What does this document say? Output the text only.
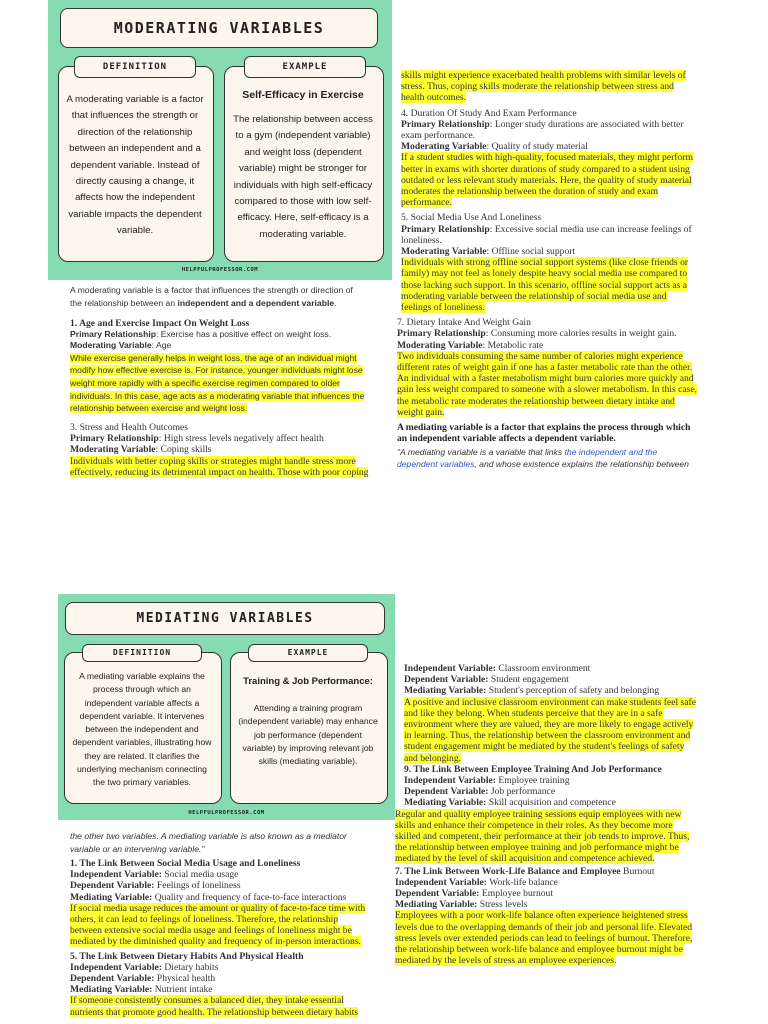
MODERATING VARIABLES
DEFINITION
A moderating variable is a factor that influences the strength or direction of the relationship between an independent and a dependent variable. Instead of directly causing a change, it affects how the independent variable impacts the dependent variable.
EXAMPLE
Self-Efficacy in Exercise
The relationship between access to a gym (independent variable) and weight loss (dependent variable) might be stronger for individuals with high self-efficacy compared to those with low self-efficacy. Here, self-efficacy is a moderating variable.
HELPFULPROFESSOR.COM
A moderating variable is a factor that influences the strength or direction of
the relationship between an independent and a dependent variable.
1. Age and Exercise Impact On Weight Loss
Primary Relationship: Exercise has a positive effect on weight loss.
Moderating Variable: Age
While exercise generally helps in weight loss, the age of an individual might modify how effective exercise is. For instance, younger individuals might lose weight more rapidly with a specific exercise regimen compared to older individuals. In this case, age acts as a moderating variable that influences the relationship between exercise and weight loss.
3. Stress and Health Outcomes
Primary Relationship: High stress levels negatively affect health
Moderating Variable: Coping skills
Individuals with better coping skills or strategies might handle stress more effectively, reducing its detrimental impact on health. Those with poor coping
skills might experience exacerbated health problems with similar levels of stress. Thus, coping skills moderate the relationship between stress and health outcomes.
4. Duration Of Study And Exam Performance
Primary Relationship: Longer study durations are associated with better exam performance.
Moderating Variable: Quality of study material
If a student studies with high-quality, focused materials, they might perform better in exams with shorter durations of study compared to a student using outdated or less relevant study materials. Here, the quality of study material moderates the relationship between the duration of study and exam performance.
5. Social Media Use And Loneliness
Primary Relationship: Excessive social media use can increase feelings of loneliness.
Moderating Variable: Offline social support
Individuals with strong offline social support systems (like close friends or family) may not feel as lonely despite heavy social media use compared to those lacking such support. In this scenario, offline social support acts as a moderating variable between the relationship of social media use and feelings of loneliness.
7. Dietary Intake And Weight Gain
Primary Relationship: Consuming more calories results in weight gain.
Moderating Variable: Metabolic rate
Two individuals consuming the same number of calories might experience different rates of weight gain if one has a faster metabolic rate than the other. An individual with a faster metabolism might burn calories more quickly and gain less weight compared to someone with a slower metabolism. In this case, the metabolic rate moderates the relationship between dietary intake and weight gain.
A mediating variable is a factor that explains the process through which an independent variable affects a dependent variable.
"A mediating variable is a variable that links the independent and the dependent variables, and whose existence explains the relationship between
MEDIATING VARIABLES
DEFINITION
A mediating variable explains the process through which an independent variable affects a dependent variable. It intervenes between the independent and dependent variables, illustrating how they are related. It clarifies the underlying mechanism connecting the two primary variables.
EXAMPLE
Training & Job Performance:
Attending a training program (independent variable) may enhance job performance (dependent variable) by improving relevant job skills (mediating variable).
HELPFULPROFESSOR.COM
the other two variables. A mediating variable is also known as a mediator variable or an intervening variable."
1. The Link Between Social Media Usage and Loneliness
Independent Variable: Social media usage
Dependent Variable: Feelings of loneliness
Mediating Variable: Quality and frequency of face-to-face interactions
If social media usage reduces the amount or quality of face-to-face time with others, it can lead to feelings of loneliness. Therefore, the relationship between extensive social media usage and feelings of loneliness might be mediated by the diminished quality and frequency of in-person interactions.
5. The Link Between Dietary Habits And Physical Health
Independent Variable: Dietary habits
Dependent Variable: Physical health
Mediating Variable: Nutrient intake
If someone consistently consumes a balanced diet, they intake essential nutrients that promote good health. The relationship between dietary habits
Independent Variable: Classroom environment
Dependent Variable: Student engagement
Mediating Variable: Student's perception of safety and belonging
A positive and inclusive classroom environment can make students feel safe and like they belong. When students perceive that they are in a safe environment where they are valued, they are more likely to engage actively in learning. Thus, the relationship between the classroom environment and student engagement might be mediated by the student's feelings of safety and belonging.
9. The Link Between Employee Training And Job Performance
Independent Variable: Employee training
Dependent Variable: Job performance
Mediating Variable: Skill acquisition and competence
Regular and quality employee training sessions equip employees with new skills and enhance their competence in their roles. As they become more skilled and competent, their performance at their job tends to improve. Thus, the relationship between employee training and job performance might be mediated by the level of skill acquisition and competence achieved.
7. The Link Between Work-Life Balance and Employee Burnout
Independent Variable: Work-life balance
Dependent Variable: Employee burnout
Mediating Variable: Stress levels
Employees with a poor work-life balance often experience heightened stress levels due to the overlapping demands of their job and personal life. Elevated stress levels over extended periods can lead to feelings of burnout. Therefore, the relationship between work-life balance and employee burnout might be mediated by the levels of stress an employee experiences.
